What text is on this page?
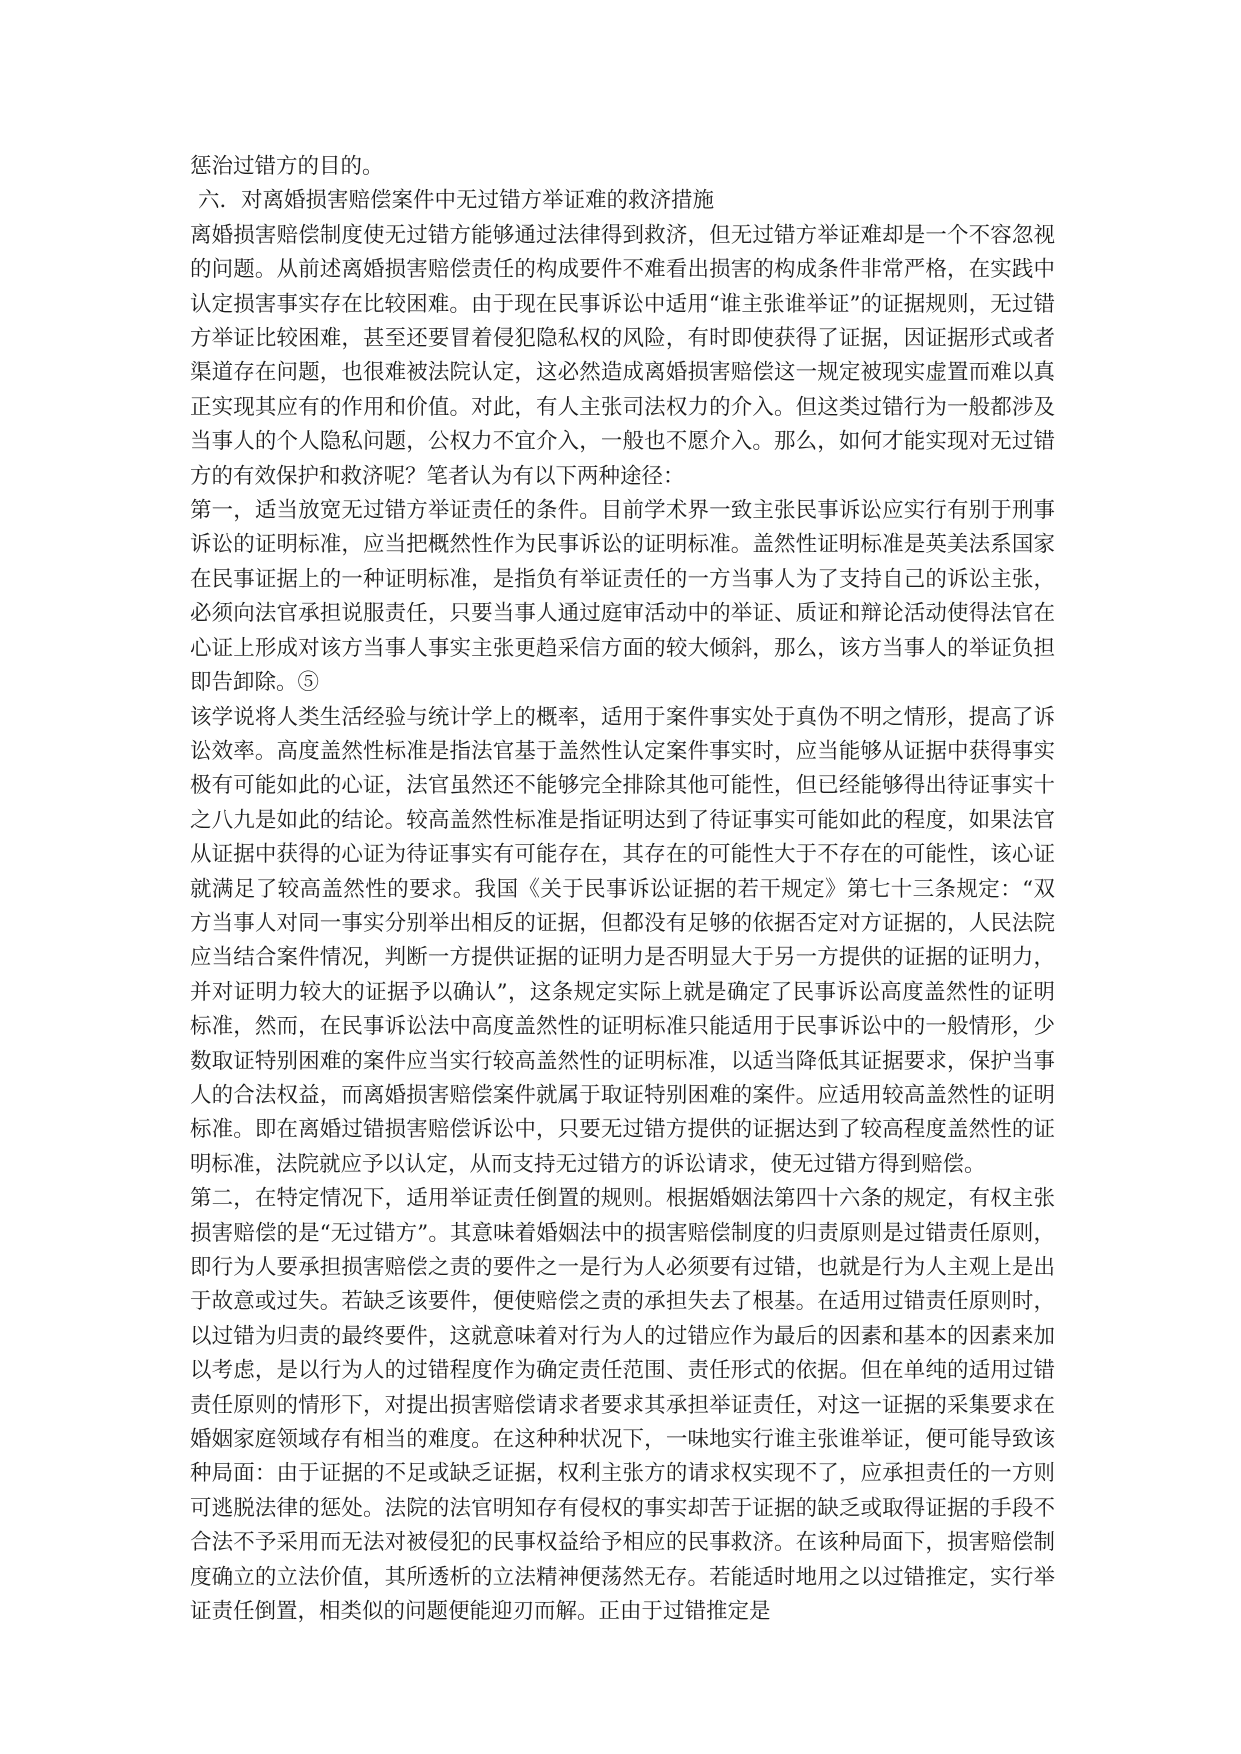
惩治过错方的目的。

六．对离婚损害赔偿案件中无过错方举证难的救济措施

离婚损害赔偿制度使无过错方能够通过法律得到救济，但无过错方举证难却是一个不容忽视的问题。从前述离婚损害赔偿责任的构成要件不难看出损害的构成条件非常严格，在实践中认定损害事实存在比较困难。由于现在民事诉讼中适用“谁主张谁举证”的证据规则，无过错方举证比较困难，甚至还要冒着侵犯隐私权的风险，有时即使获得了证据，因证据形式或者渠道存在问题，也很难被法院认定，这必然造成离婚损害赔偿这一规定被现实虚置而难以真正实现其应有的作用和价值。对此，有人主张司法权力的介入。但这类过错行为一般都涉及当事人的个人隐私问题，公权力不宜介入，一般也不愿介入。那么，如何才能实现对无过错方的有效保护和救济呢？笔者认为有以下两种途径：

第一，适当放宽无过错方举证责任的条件。目前学术界一致主张民事诉讼应实行有别于刑事诉讼的证明标准，应当把概然性作为民事诉讼的证明标准。盖然性证明标准是英美法系国家在民事证据上的一种证明标准，是指负有举证责任的一方当事人为了支持自己的诉讼主张，必须向法官承担说服责任，只要当事人通过庭审活动中的举证、质证和辩论活动使得法官在心证上形成对该方当事人事实主张更趋采信方面的较大倾斜，那么，该方当事人的举证负担即告卸除。⑤

该学说将人类生活经验与统计学上的概率，适用于案件事实处于真伪不明之情形，提高了诉讼效率。高度盖然性标准是指法官基于盖然性认定案件事实时，应当能够从证据中获得事实极有可能如此的心证，法官虽然还不能够完全排除其他可能性，但已经能够得出待证事实十之八九是如此的结论。较高盖然性标准是指证明达到了待证事实可能如此的程度，如果法官从证据中获得的心证为待证事实有可能存在，其存在的可能性大于不存在的可能性，该心证就满足了较高盖然性的要求。我国《关于民事诉讼证据的若干规定》第七十三条规定：“双方当事人对同一事实分别举出相反的证据，但都没有足够的依据否定对方证据的，人民法院应当结合案件情况，判断一方提供证据的证明力是否明显大于另一方提供的证据的证明力，并对证明力较大的证据予以确认”，这条规定实际上就是确定了民事诉讼高度盖然性的证明标准，然而，在民事诉讼法中高度盖然性的证明标准只能适用于民事诉讼中的一般情形，少数取证特别困难的案件应当实行较高盖然性的证明标准，以适当降低其证据要求，保护当事人的合法权益，而离婚损害赔偿案件就属于取证特别困难的案件。应适用较高盖然性的证明标准。即在离婚过错损害赔偿诉讼中，只要无过错方提供的证据达到了较高程度盖然性的证明标准，法院就应予以认定，从而支持无过错方的诉讼请求，使无过错方得到赔偿。

第二，在特定情况下，适用举证责任倒置的规则。根据婚姻法第四十六条的规定，有权主张损害赔偿的是“无过错方”。其意味着婚姻法中的损害赔偿制度的归责原则是过错责任原则，即行为人要承担损害赔偿之责的要件之一是行为人必须要有过错，也就是行为人主观上是出于故意或过失。若缺乏该要件，便使赔偿之责的承担失去了根基。在适用过错责任原则时，以过错为归责的最终要件，这就意味着对行为人的过错应作为最后的因素和基本的因素来加以考虑，是以行为人的过错程度作为确定责任范围、责任形式的依据。但在单纯的适用过错责任原则的情形下，对提出损害赔偿请求者要求其承担举证责任，对这一证据的采集要求在婚姻家庭领域存有相当的难度。在这种种状况下，一味地实行谁主张谁举证，便可能导致该种局面：由于证据的不足或缺乏证据，权利主张方的请求权实现不了，应承担责任的一方则可逃脱法律的惩处。法院的法官明知存有侵权的事实却苦于证据的缺乏或取得证据的手段不合法不予采用而无法对被侵犯的民事权益给予相应的民事救济。在该种局面下，损害赔偿制度确立的立法价值，其所透析的立法精神便荡然无存。若能适时地用之以过错推定，实行举证责任倒置，相类似的问题便能迎刃而解。正由于过错推定是
